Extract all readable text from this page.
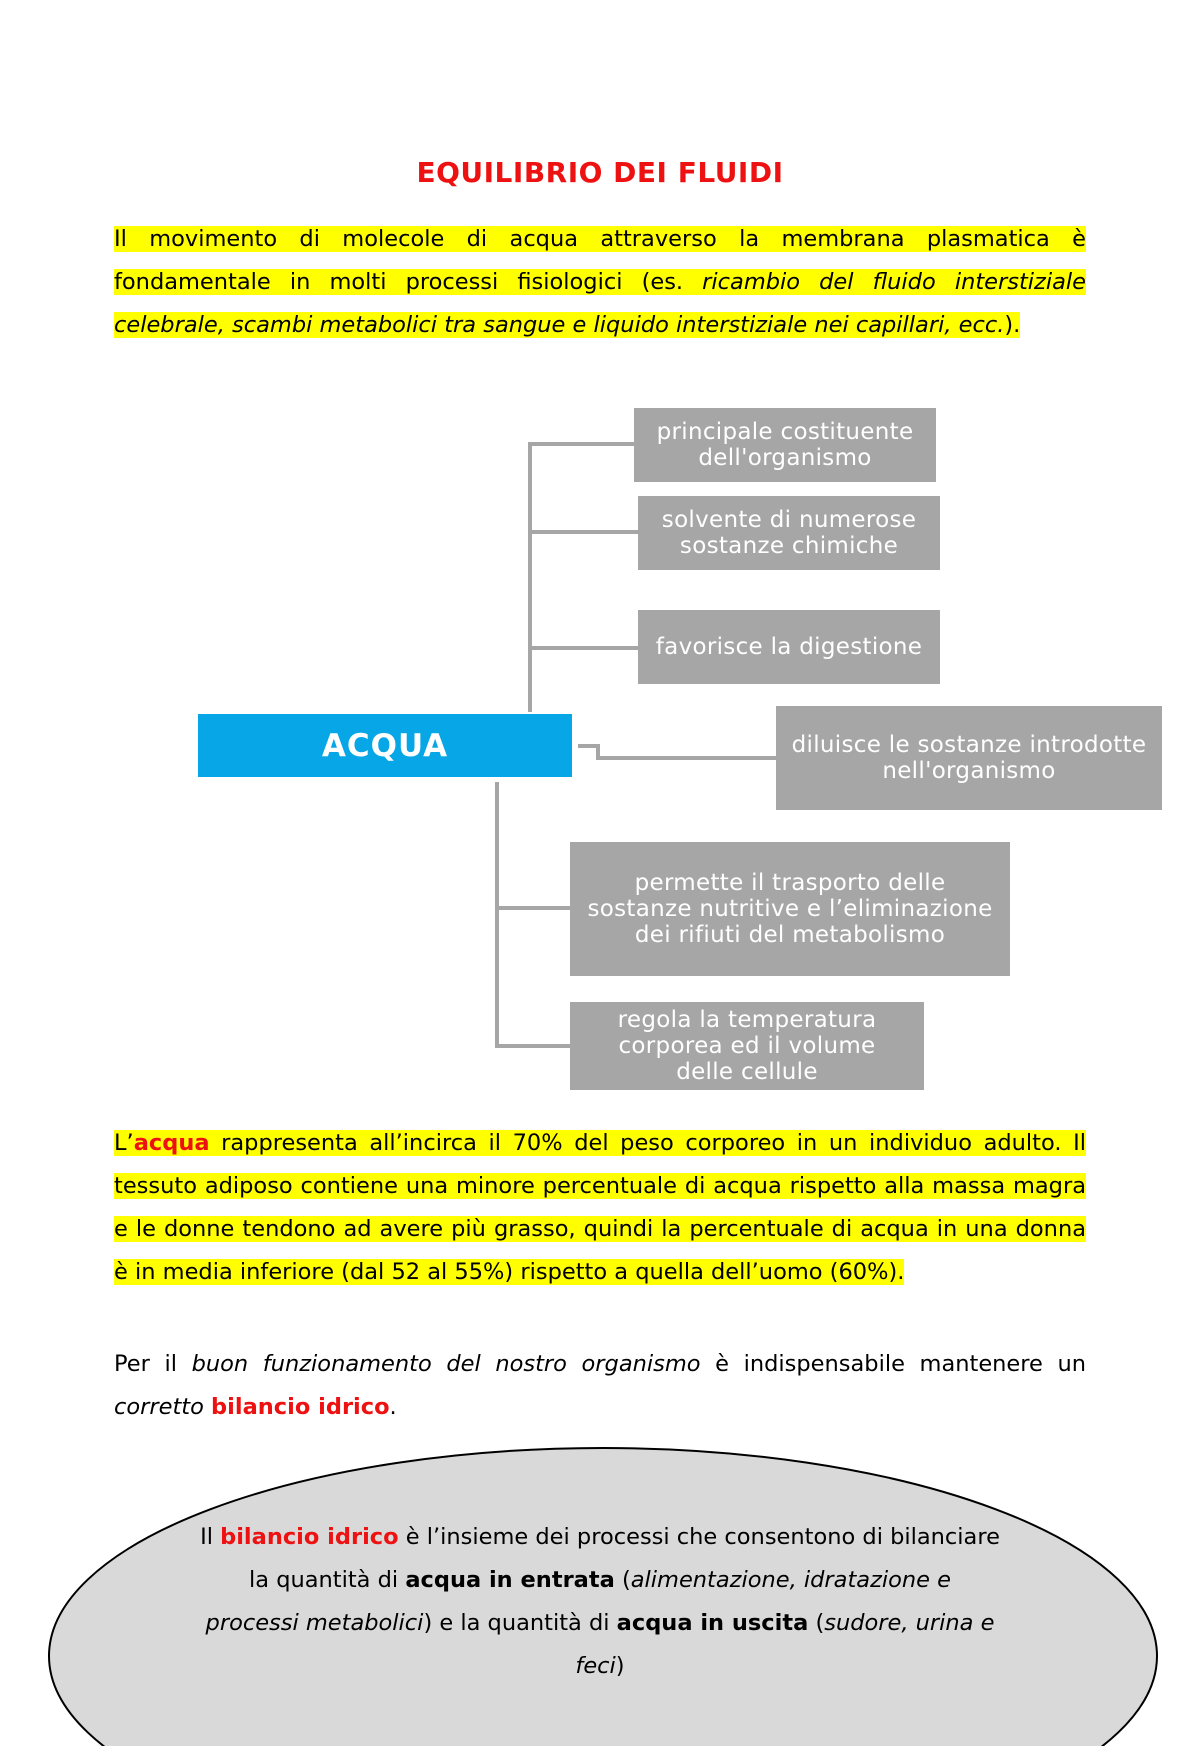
EQUILIBRIO DEI FLUIDI
Il movimento di molecole di acqua attraverso la membrana plasmatica è fondamentale in molti processi fisiologici (es. ricambio del fluido interstiziale celebrale, scambi metabolici tra sangue e liquido interstiziale nei capillari, ecc.).
ACQUA
principale costituente dell'organismo
solvente di numerose sostanze chimiche
favorisce la digestione
diluisce le sostanze introdotte nell'organismo
permette il trasporto delle sostanze nutritive e l’eliminazione dei rifiuti del metabolismo
regola la temperatura corporea ed il volume delle cellule
L’acqua rappresenta all’incirca il 70% del peso corporeo in un individuo adulto. Il tessuto adiposo contiene una minore percentuale di acqua rispetto alla massa magra e le donne tendono ad avere più grasso, quindi la percentuale di acqua in una donna è in media inferiore (dal 52 al 55%) rispetto a quella dell’uomo (60%).
Per il buon funzionamento del nostro organismo è indispensabile mantenere un corretto bilancio idrico.
Il bilancio idrico è l’insieme dei processi che consentono di bilanciare la quantità di acqua in entrata (alimentazione, idratazione e processi metabolici) e la quantità di acqua in uscita (sudore, urina e feci)
